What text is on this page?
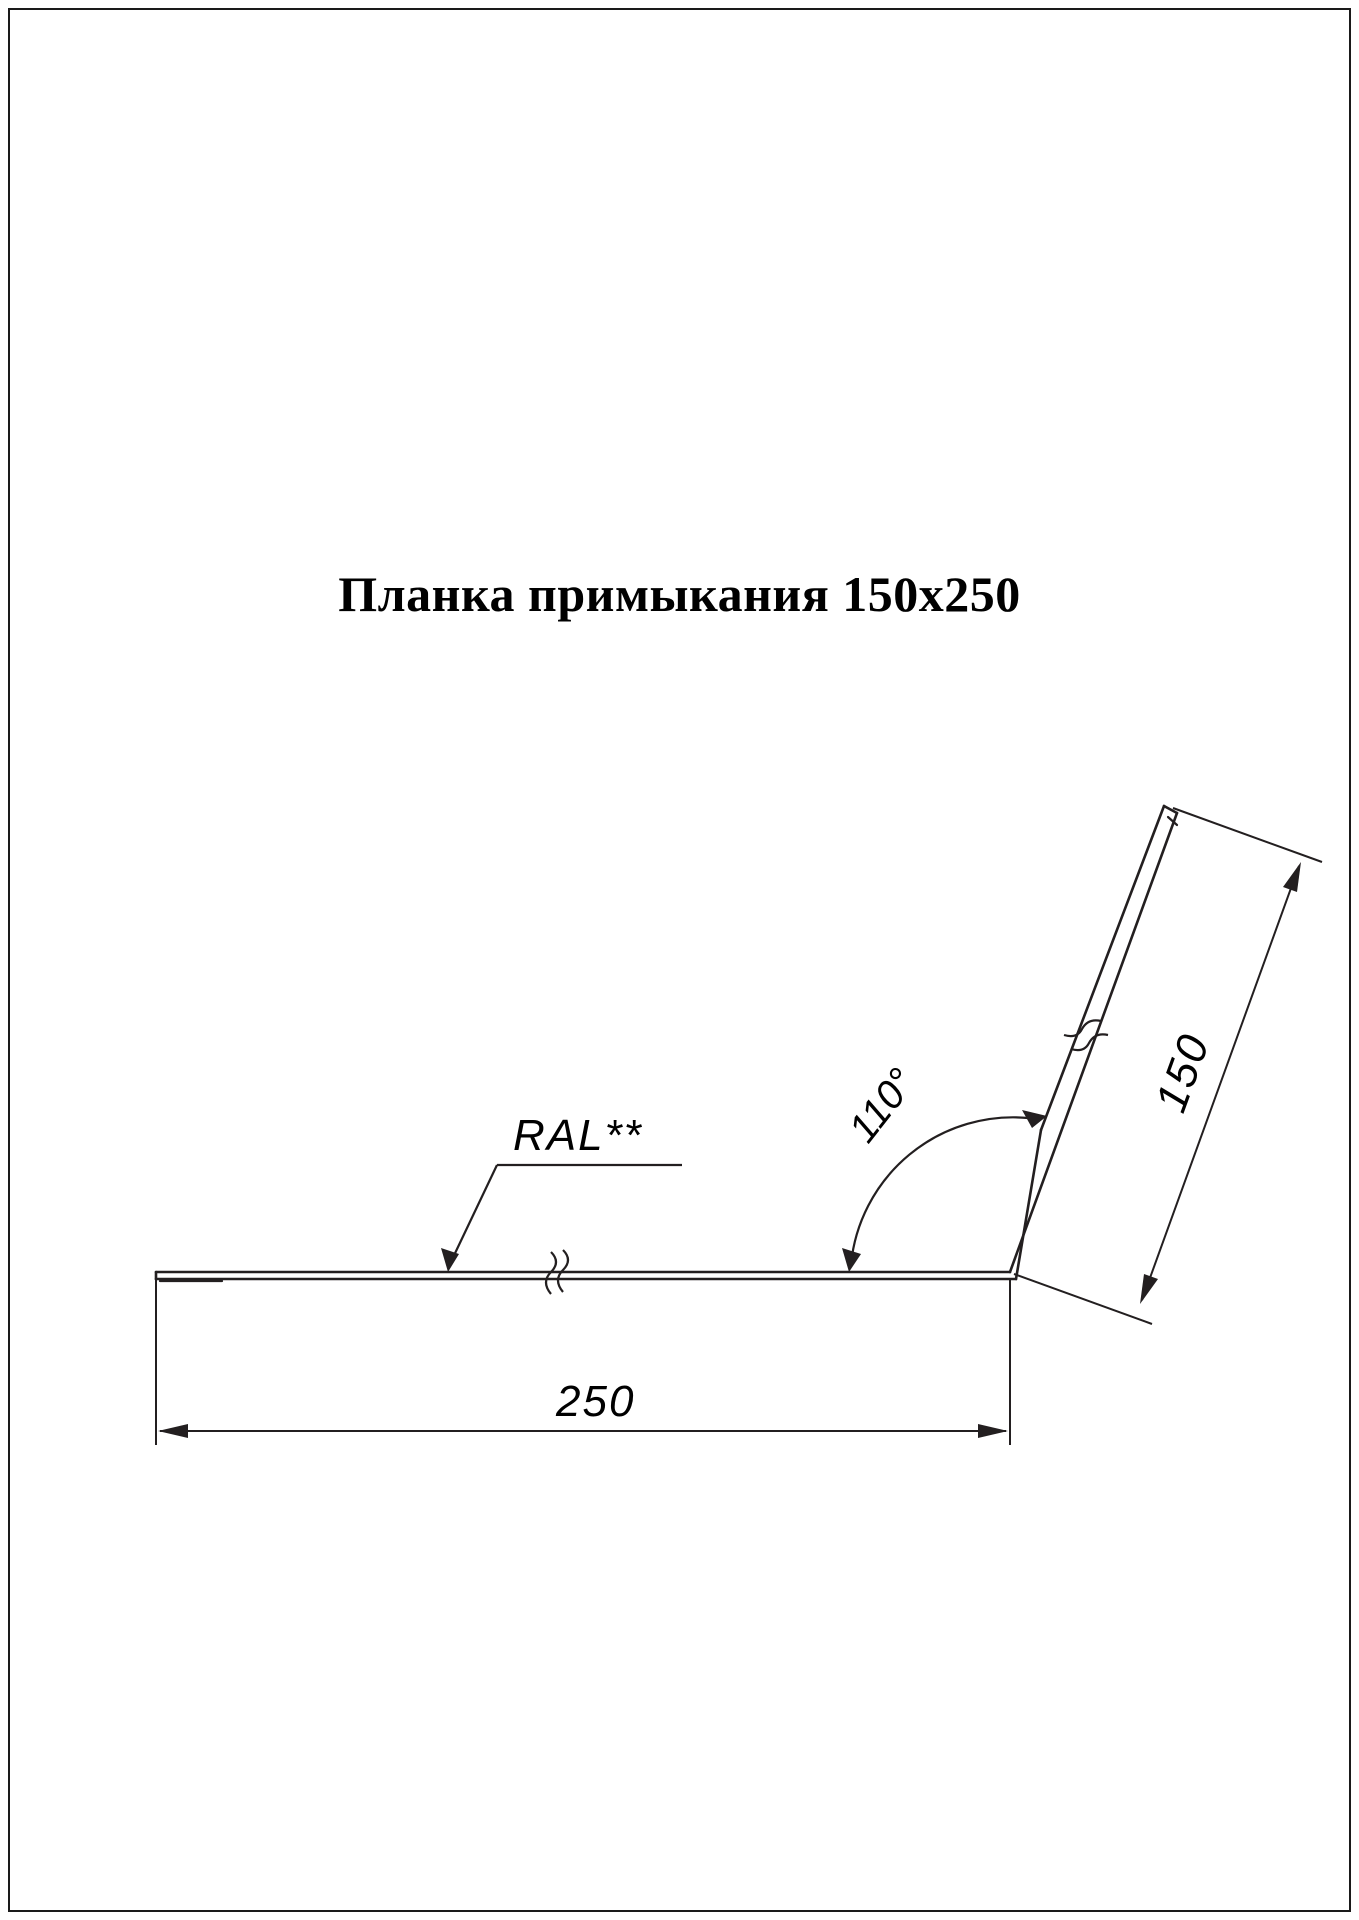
Планка примыкания 150х250
RAL**	110°
250
150
